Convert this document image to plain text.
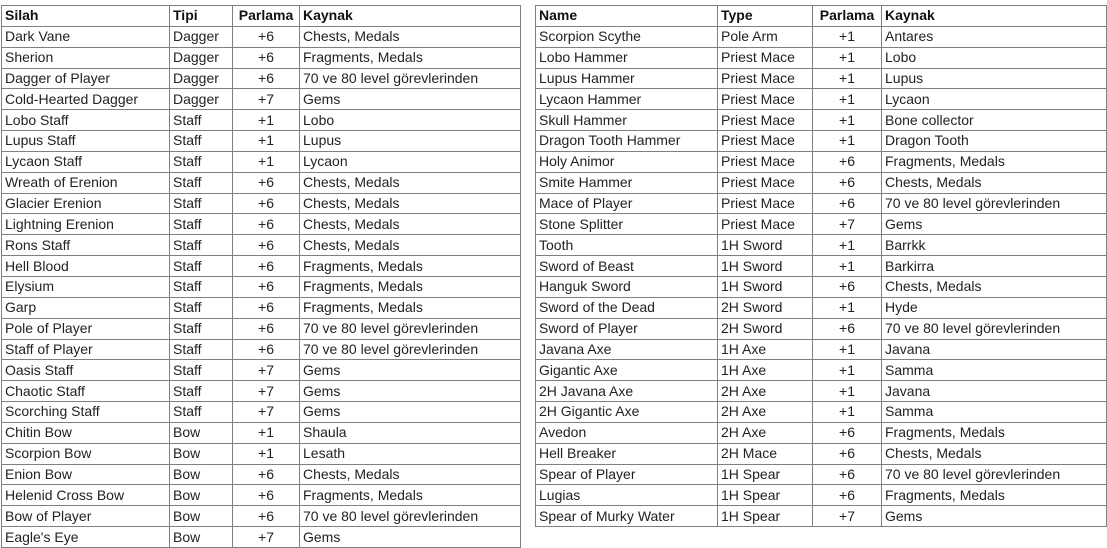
Silah	Tipi	Parlama	Kaynak
Dark Vane	Dagger	+6	Chests, Medals
Sherion	Dagger	+6	Fragments, Medals
Dagger of Player	Dagger	+6	70 ve 80 level görevlerinden
Cold-Hearted Dagger	Dagger	+7	Gems
Lobo Staff	Staff	+1	Lobo
Lupus Staff	Staff	+1	Lupus
Lycaon Staff	Staff	+1	Lycaon
Wreath of Erenion	Staff	+6	Chests, Medals
Glacier Erenion	Staff	+6	Chests, Medals
Lightning Erenion	Staff	+6	Chests, Medals
Rons Staff	Staff	+6	Chests, Medals
Hell Blood	Staff	+6	Fragments, Medals
Elysium	Staff	+6	Fragments, Medals
Garp	Staff	+6	Fragments, Medals
Pole of Player	Staff	+6	70 ve 80 level görevlerinden
Staff of Player	Staff	+6	70 ve 80 level görevlerinden
Oasis Staff	Staff	+7	Gems
Chaotic Staff	Staff	+7	Gems
Scorching Staff	Staff	+7	Gems
Chitin Bow	Bow	+1	Shaula
Scorpion Bow	Bow	+1	Lesath
Enion Bow	Bow	+6	Chests, Medals
Helenid Cross Bow	Bow	+6	Fragments, Medals
Bow of Player	Bow	+6	70 ve 80 level görevlerinden
Eagle's Eye	Bow	+7	Gems
Name	Type	Parlama	Kaynak
Scorpion Scythe	Pole Arm	+1	Antares
Lobo Hammer	Priest Mace	+1	Lobo
Lupus Hammer	Priest Mace	+1	Lupus
Lycaon Hammer	Priest Mace	+1	Lycaon
Skull Hammer	Priest Mace	+1	Bone collector
Dragon Tooth Hammer	Priest Mace	+1	Dragon Tooth
Holy Animor	Priest Mace	+6	Fragments, Medals
Smite Hammer	Priest Mace	+6	Chests, Medals
Mace of Player	Priest Mace	+6	70 ve 80 level görevlerinden
Stone Splitter	Priest Mace	+7	Gems
Tooth	1H Sword	+1	Barrkk
Sword of Beast	1H Sword	+1	Barkirra
Hanguk Sword	1H Sword	+6	Chests, Medals
Sword of the Dead	2H Sword	+1	Hyde
Sword of Player	2H Sword	+6	70 ve 80 level görevlerinden
Javana Axe	1H Axe	+1	Javana
Gigantic Axe	1H Axe	+1	Samma
2H Javana Axe	2H Axe	+1	Javana
2H Gigantic Axe	2H Axe	+1	Samma
Avedon	2H Axe	+6	Fragments, Medals
Hell Breaker	2H Mace	+6	Chests, Medals
Spear of Player	1H Spear	+6	70 ve 80 level görevlerinden
Lugias	1H Spear	+6	Fragments, Medals
Spear of Murky Water	1H Spear	+7	Gems
